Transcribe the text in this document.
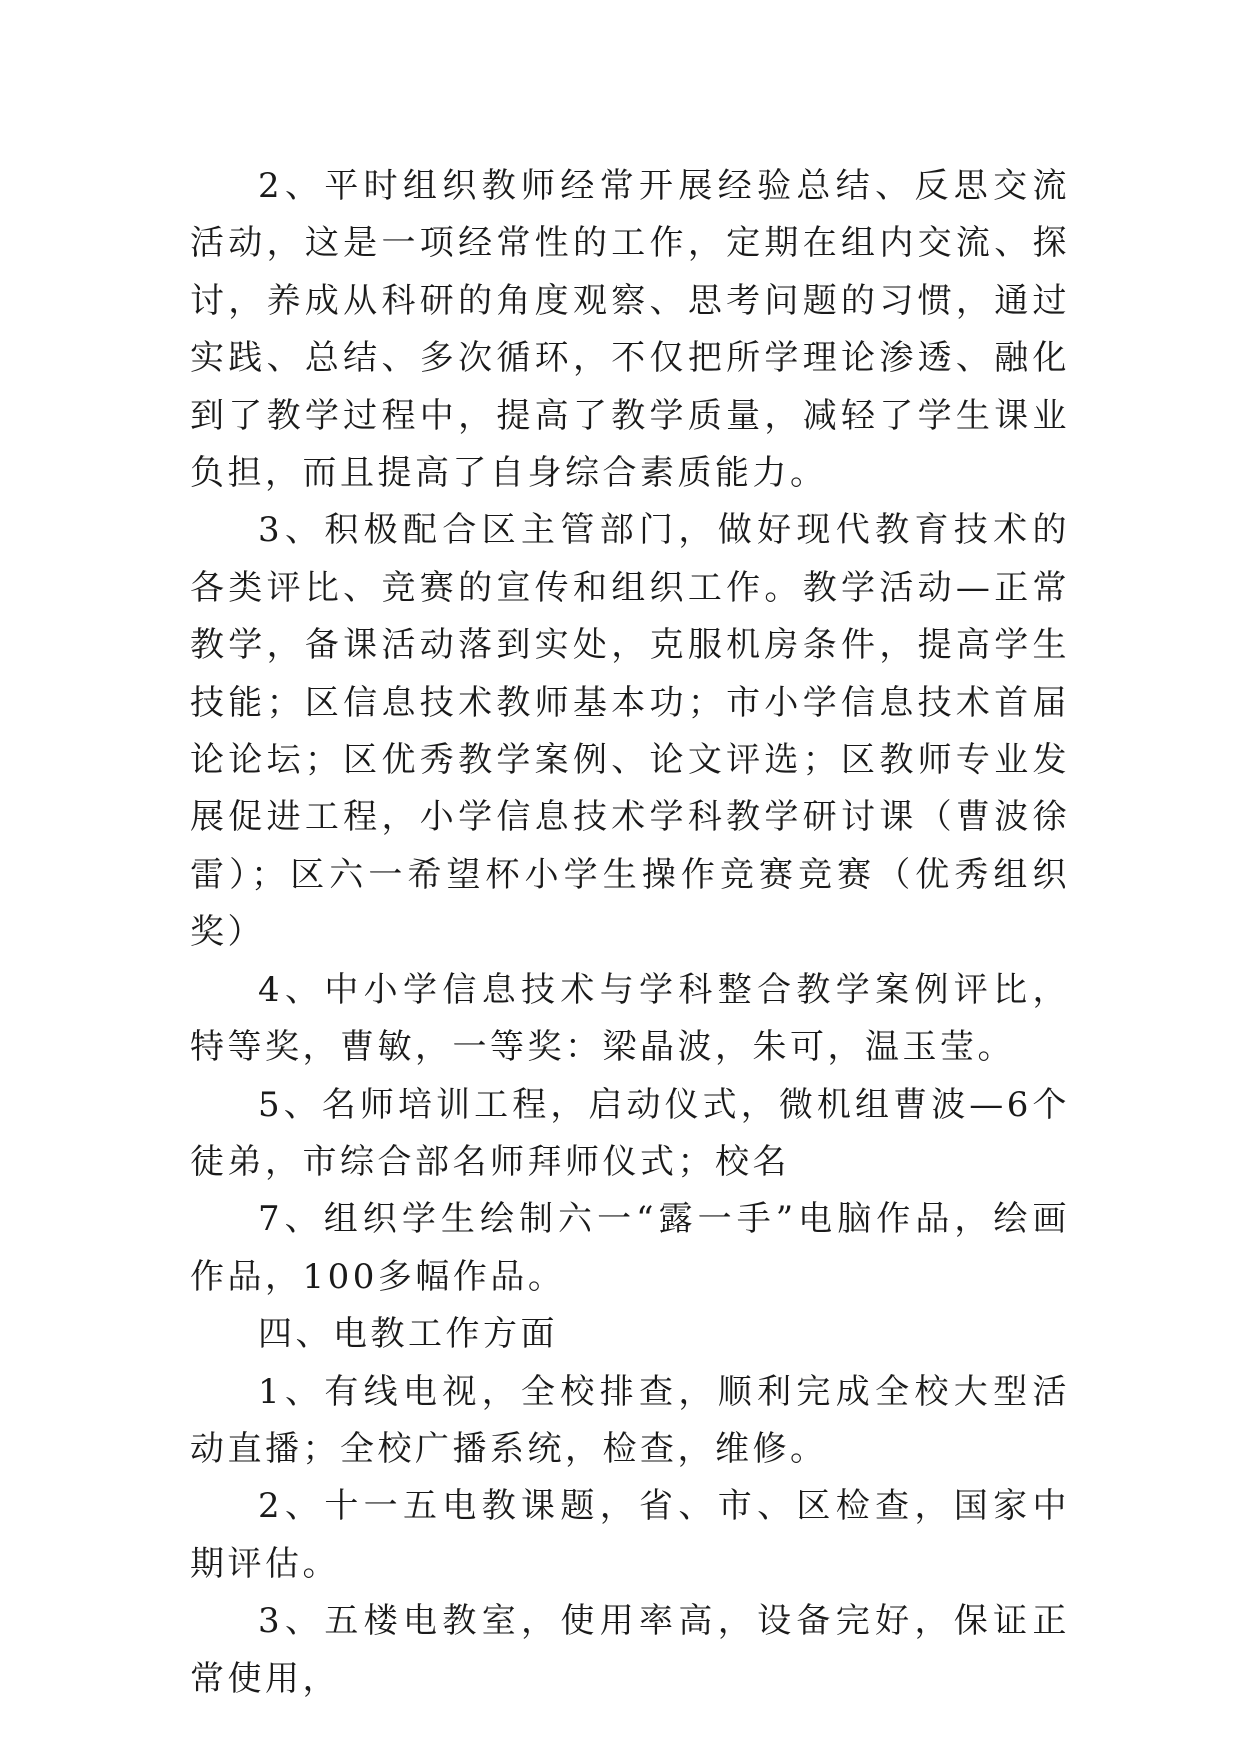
2、平时组织教师经常开展经验总结、反思交流活动，这是一项经常性的工作，定期在组内交流、探讨，养成从科研的角度观察、思考问题的习惯，通过实践、总结、多次循环，不仅把所学理论渗透、融化到了教学过程中，提高了教学质量，减轻了学生课业负担，而且提高了自身综合素质能力。

3、积极配合区主管部门，做好现代教育技术的各类评比、竞赛的宣传和组织工作。教学活动—正常教学，备课活动落到实处，克服机房条件，提高学生技能；区信息技术教师基本功；市小学信息技术首届论论坛；区优秀教学案例、论文评选；区教师专业发展促进工程，小学信息技术学科教学研讨课（曹波徐雷）；区六一希望杯小学生操作竞赛竞赛（优秀组织奖）

4、中小学信息技术与学科整合教学案例评比，特等奖，曹敏，一等奖：梁晶波，朱可，温玉莹。

5、名师培训工程，启动仪式，微机组曹波—6个徒弟，市综合部名师拜师仪式；校名

7、组织学生绘制六一“露一手”电脑作品，绘画作品，100多幅作品。

四、电教工作方面

1、有线电视，全校排查，顺利完成全校大型活动直播；全校广播系统，检查，维修。

2、十一五电教课题，省、市、区检查，国家中期评估。

3、五楼电教室，使用率高，设备完好，保证正常使用，
